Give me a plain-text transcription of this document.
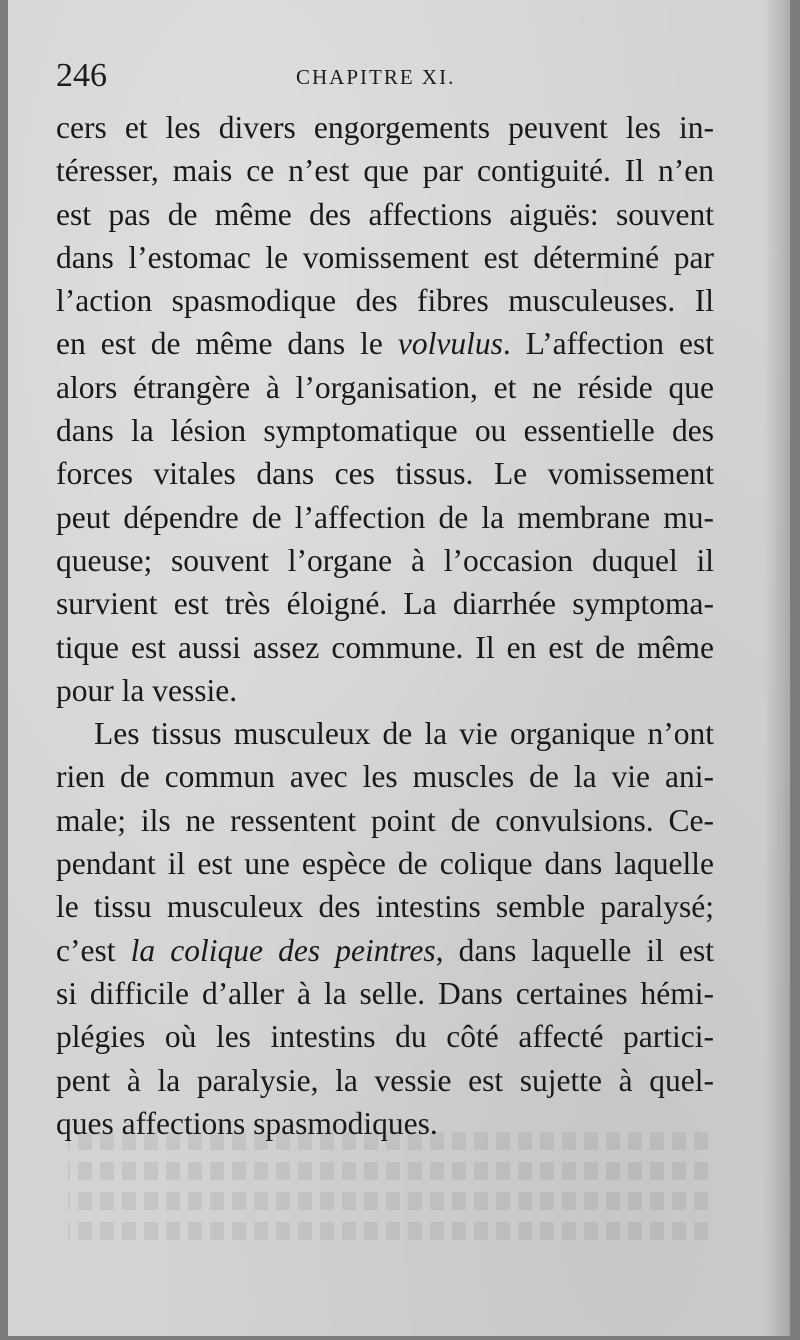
246	CHAPITRE XI.
cers et les divers engorgements peuvent les in-
téresser, mais ce n’est que par contiguité. Il n’en
est pas de même des affections aiguës: souvent
dans l’estomac le vomissement est déterminé par
l’action spasmodique des fibres musculeuses. Il
en est de même dans le volvulus. L’affection est
alors étrangère à l’organisation, et ne réside que
dans la lésion symptomatique ou essentielle des
forces vitales dans ces tissus. Le vomissement
peut dépendre de l’affection de la membrane mu-
queuse; souvent l’organe à l’occasion duquel il
survient est très éloigné. La diarrhée symptoma-
tique est aussi assez commune. Il en est de même
pour la vessie.
Les tissus musculeux de la vie organique n’ont
rien de commun avec les muscles de la vie ani-
male; ils ne ressentent point de convulsions. Ce-
pendant il est une espèce de colique dans laquelle
le tissu musculeux des intestins semble paralysé;
c’est la colique des peintres, dans laquelle il est
si difficile d’aller à la selle. Dans certaines hémi-
plégies où les intestins du côté affecté partici-
pent à la paralysie, la vessie est sujette à quel-
ques affections spasmodiques.
